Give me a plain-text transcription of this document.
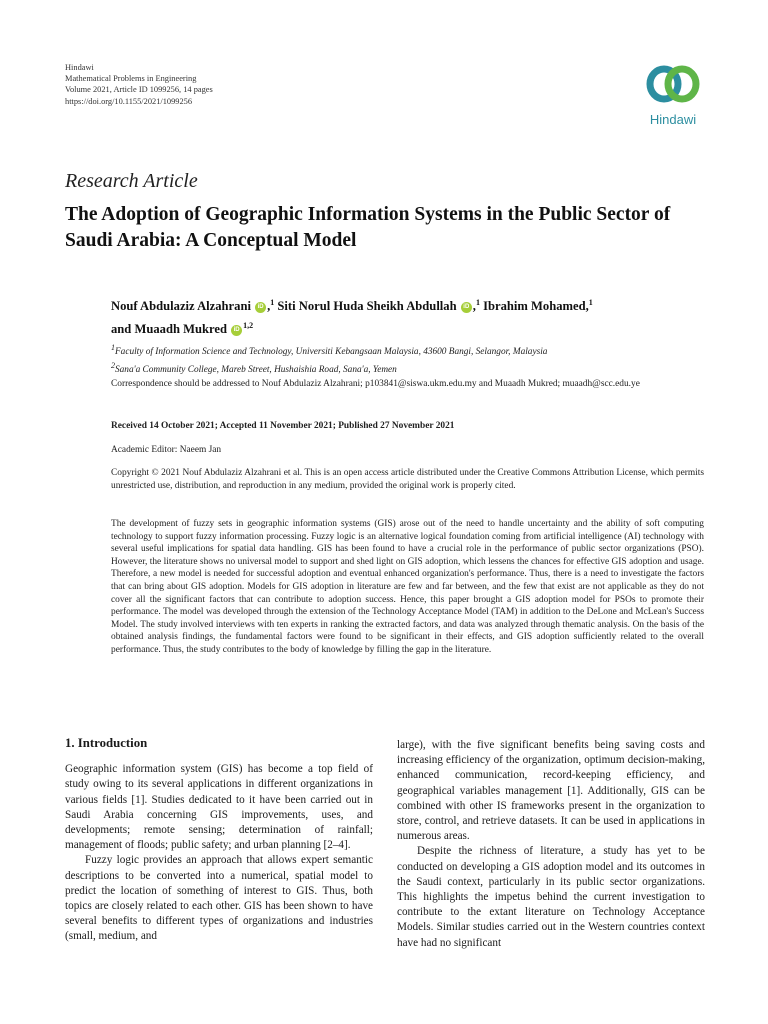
Hindawi
Mathematical Problems in Engineering
Volume 2021, Article ID 1099256, 14 pages
https://doi.org/10.1155/2021/1099256
Hindawi
Research Article
The Adoption of Geographic Information Systems in the Public Sector of Saudi Arabia: A Conceptual Model
Nouf Abdulaziz Alzahrani iD ,$^1$ Siti Norul Huda Sheikh Abdullah iD ,$^1$ Ibrahim Mohamed,$^1$
and Muaadh Mukred iD $^{1,2}$
$^1$Faculty of Information Science and Technology, Universiti Kebangsaan Malaysia, 43600 Bangi, Selangor, Malaysia
$^2$Sana'a Community College, Mareb Street, Hushaishia Road, Sana'a, Yemen
Correspondence should be addressed to Nouf Abdulaziz Alzahrani; p103841@siswa.ukm.edu.my and Muaadh Mukred; muaadh@scc.edu.ye
Received 14 October 2021; Accepted 11 November 2021; Published 27 November 2021
Academic Editor: Naeem Jan
Copyright © 2021 Nouf Abdulaziz Alzahrani et al. This is an open access article distributed under the Creative Commons Attribution License, which permits unrestricted use, distribution, and reproduction in any medium, provided the original work is properly cited.
The development of fuzzy sets in geographic information systems (GIS) arose out of the need to handle uncertainty and the ability of soft computing technology to support fuzzy information processing. Fuzzy logic is an alternative logical foundation coming from artificial intelligence (AI) technology with several useful implications for spatial data handling. GIS has been found to have a crucial role in the performance of public sector organizations (PSO). However, the literature shows no universal model to support and shed light on GIS adoption, which lessens the chances for effective GIS adoption and usage. Therefore, a new model is needed for successful adoption and eventual enhanced organization's performance. Thus, there is a need to investigate the factors that can bring about GIS adoption. Models for GIS adoption in literature are few and far between, and the few that exist are not applicable as they do not cover all the significant factors that can contribute to adoption success. Hence, this paper brought a GIS adoption model for PSOs to promote their performance. The model was developed through the extension of the Technology Acceptance Model (TAM) in addition to the DeLone and McLean's Success Model. The study involved interviews with ten experts in ranking the extracted factors, and data was analyzed through thematic analysis. On the basis of the obtained analysis findings, the fundamental factors were found to be significant in their effects, and GIS adoption sufficiently related to the overall performance. Thus, the study contributes to the body of knowledge by filling the gap in the literature.

1. Introduction

Geographic information system (GIS) has become a top field of study owing to its several applications in different organizations in various fields [1]. Studies dedicated to it have been carried out in Saudi Arabia concerning GIS improvements, uses, and developments; remote sensing; determination of rainfall; management of floods; public safety; and urban planning [2–4].

Fuzzy logic provides an approach that allows expert semantic descriptions to be converted into a numerical, spatial model to predict the location of something of interest to GIS. Thus, both topics are closely related to each other. GIS has been shown to have several benefits to different types of organizations and industries (small, medium, and

large), with the five significant benefits being saving costs and increasing efficiency of the organization, optimum decision-making, enhanced communication, record-keeping efficiency, and geographical variables management [1]. Additionally, GIS can be combined with other IS frameworks present in the organization to store, control, and retrieve datasets. It can be used in applications in numerous areas.

Despite the richness of literature, a study has yet to be conducted on developing a GIS adoption model and its outcomes in the Saudi context, particularly in its public sector organizations. This highlights the impetus behind the current investigation to contribute to the extant literature on Technology Acceptance Models. Similar studies carried out in the Western countries context have had no significant
